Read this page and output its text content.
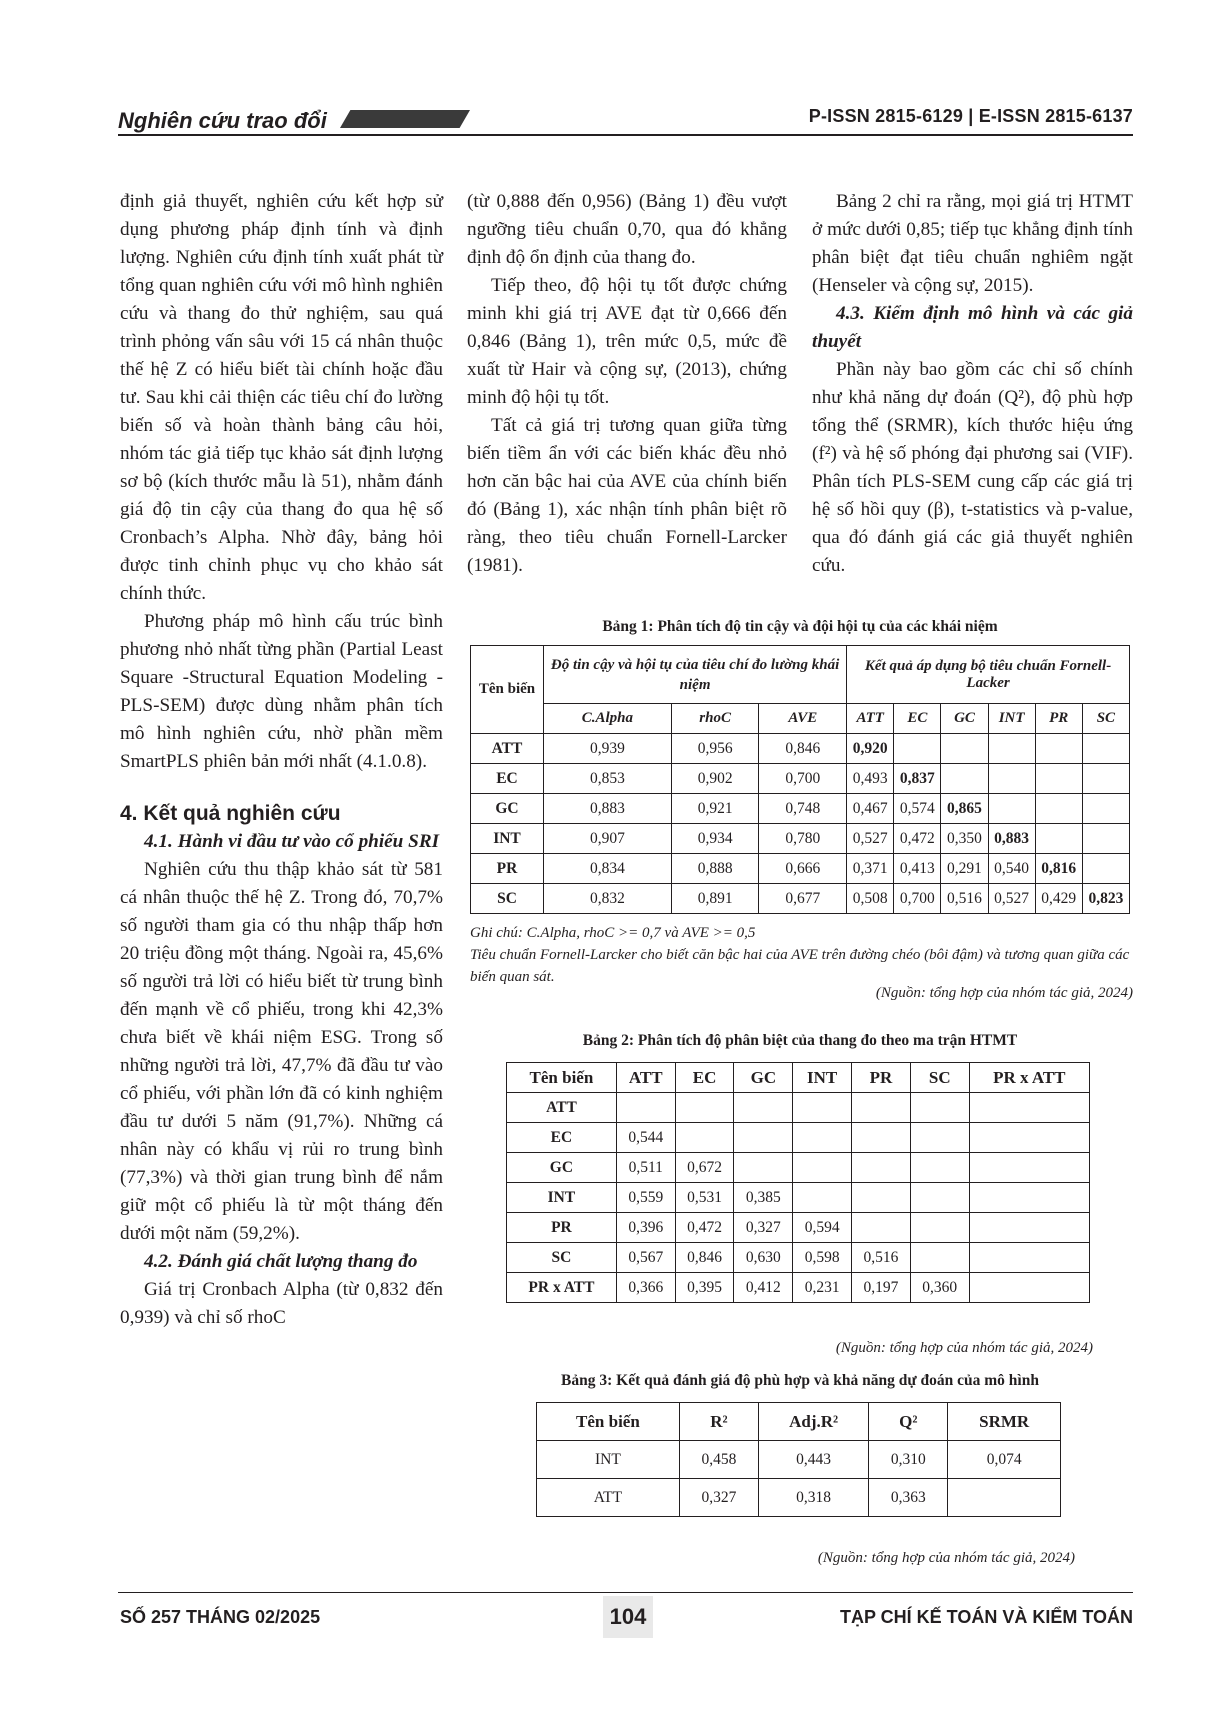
Nghiên cứu trao đổi	P-ISSN 2815-6129 | E-ISSN 2815-6137

định giả thuyết, nghiên cứu kết hợp sử dụng phương pháp định tính và định lượng. Nghiên cứu định tính xuất phát từ tổng quan nghiên cứu với mô hình nghiên cứu và thang đo thử nghiệm, sau quá trình phỏng vấn sâu với 15 cá nhân thuộc thế hệ Z có hiểu biết tài chính hoặc đầu tư. Sau khi cải thiện các tiêu chí đo lường biến số và hoàn thành bảng câu hỏi, nhóm tác giả tiếp tục khảo sát định lượng sơ bộ (kích thước mẫu là 51), nhằm đánh giá độ tin cậy của thang đo qua hệ số Cronbach’s Alpha. Nhờ đây, bảng hỏi được tinh chỉnh phục vụ cho khảo sát chính thức.

Phương pháp mô hình cấu trúc bình phương nhỏ nhất từng phần (Partial Least Square -Structural Equation Modeling - PLS-SEM) được dùng nhằm phân tích mô hình nghiên cứu, nhờ phần mềm SmartPLS phiên bản mới nhất (4.1.0.8).

4. Kết quả nghiên cứu

4.1. Hành vi đầu tư vào cổ phiếu SRI

Nghiên cứu thu thập khảo sát từ 581 cá nhân thuộc thế hệ Z. Trong đó, 70,7% số người tham gia có thu nhập thấp hơn 20 triệu đồng một tháng. Ngoài ra, 45,6% số người trả lời có hiểu biết từ trung bình đến mạnh về cổ phiếu, trong khi 42,3% chưa biết về khái niệm ESG. Trong số những người trả lời, 47,7% đã đầu tư vào cổ phiếu, với phần lớn đã có kinh nghiệm đầu tư dưới 5 năm (91,7%). Những cá nhân này có khẩu vị rủi ro trung bình (77,3%) và thời gian trung bình để nắm giữ một cổ phiếu là từ một tháng đến dưới một năm (59,2%).

4.2. Đánh giá chất lượng thang đo

Giá trị Cronbach Alpha (từ 0,832 đến 0,939) và chỉ số rhoC

(từ 0,888 đến 0,956) (Bảng 1) đều vượt ngưỡng tiêu chuẩn 0,70, qua đó khẳng định độ ổn định của thang đo.

Tiếp theo, độ hội tụ tốt được chứng minh khi giá trị AVE đạt từ 0,666 đến 0,846 (Bảng 1), trên mức 0,5, mức đề xuất từ Hair và cộng sự, (2013), chứng minh độ hội tụ tốt.

Tất cả giá trị tương quan giữa từng biến tiềm ẩn với các biến khác đều nhỏ hơn căn bậc hai của AVE của chính biến đó (Bảng 1), xác nhận tính phân biệt rõ ràng, theo tiêu chuẩn Fornell-Larcker (1981).

Bảng 2 chỉ ra rằng, mọi giá trị HTMT ở mức dưới 0,85; tiếp tục khẳng định tính phân biệt đạt tiêu chuẩn nghiêm ngặt (Henseler và cộng sự, 2015).

4.3. Kiểm định mô hình và các giả thuyết

Phần này bao gồm các chỉ số chính như khả năng dự đoán (Q²), độ phù hợp tổng thể (SRMR), kích thước hiệu ứng (f²) và hệ số phóng đại phương sai (VIF). Phân tích PLS-SEM cung cấp các giá trị hệ số hồi quy (β), t-statistics và p-value, qua đó đánh giá các giả thuyết nghiên cứu.

Bảng 1: Phân tích độ tin cậy và đội hội tụ của các khái niệm
Tên biến	Độ tin cậy và hội tụ của tiêu chí đo lường khái niệm			Kết quả áp dụng bộ tiêu chuẩn Fornell-Lacker					
	C.Alpha	rhoC	AVE	ATT	EC	GC	INT	PR	SC
ATT	0,939	0,956	0,846	0,920					
EC	0,853	0,902	0,700	0,493	0,837				
GC	0,883	0,921	0,748	0,467	0,574	0,865			
INT	0,907	0,934	0,780	0,527	0,472	0,350	0,883		
PR	0,834	0,888	0,666	0,371	0,413	0,291	0,540	0,816	
SC	0,832	0,891	0,677	0,508	0,700	0,516	0,527	0,429	0,823
Ghi chú: C.Alpha, rhoC >= 0,7 và AVE >= 0,5
Tiêu chuẩn Fornell-Larcker cho biết căn bậc hai của AVE trên đường chéo (bôi đậm) và tương quan giữa các biến quan sát.
(Nguồn: tổng hợp của nhóm tác giả, 2024)
Bảng 2: Phân tích độ phân biệt của thang đo theo ma trận HTMT
Tên biến	ATT	EC	GC	INT	PR	SC	PR x ATT
ATT							
EC	0,544						
GC	0,511	0,672					
INT	0,559	0,531	0,385				
PR	0,396	0,472	0,327	0,594			
SC	0,567	0,846	0,630	0,598	0,516		
PR x ATT	0,366	0,395	0,412	0,231	0,197	0,360	
(Nguồn: tổng hợp của nhóm tác giả, 2024)
Bảng 3: Kết quả đánh giá độ phù hợp và khả năng dự đoán của mô hình
Tên biến	R²	Adj.R²	Q²	SRMR
INT	0,458	0,443	0,310	0,074
ATT	0,327	0,318	0,363	
(Nguồn: tổng hợp của nhóm tác giả, 2024)
SỐ 257 THÁNG 02/2025	104	TẠP CHÍ KẾ TOÁN VÀ KIỂM TOÁN
